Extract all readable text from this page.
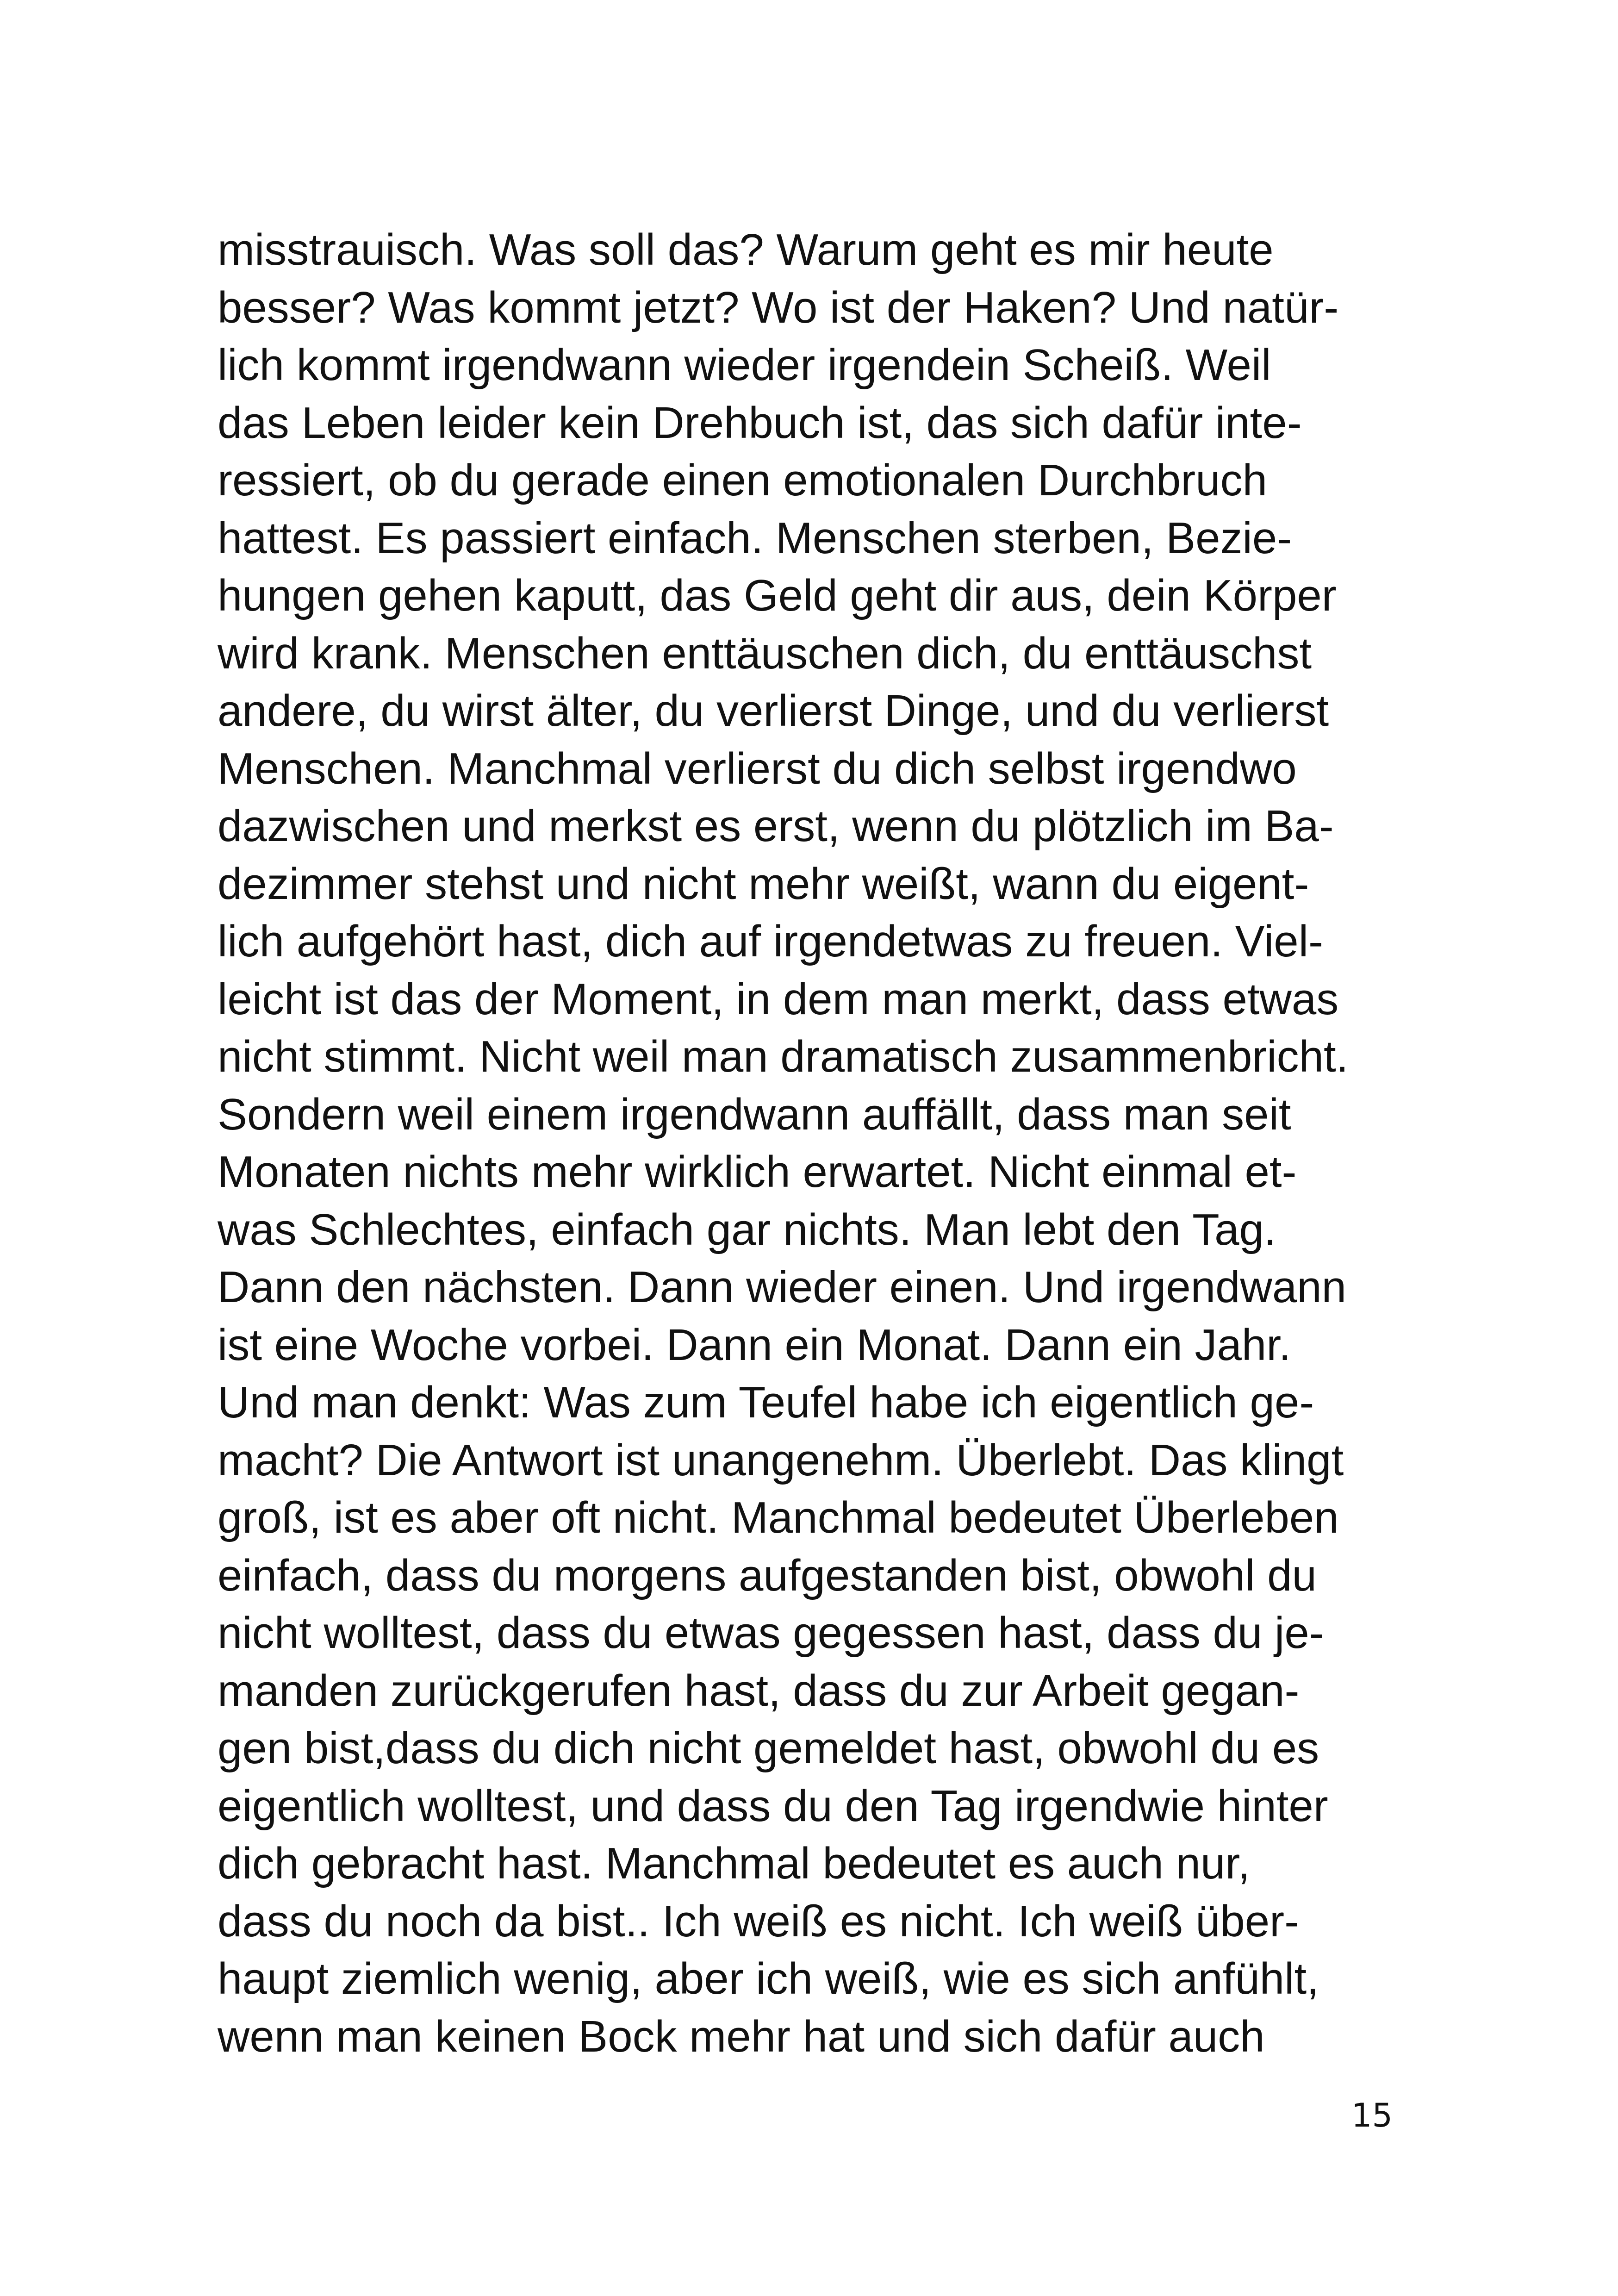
misstrauisch. Was soll das? Warum geht es mir heute
besser? Was kommt jetzt? Wo ist der Haken? Und natür-
lich kommt irgendwann wieder irgendein Scheiß. Weil
das Leben leider kein Drehbuch ist, das sich dafür inte-
ressiert, ob du gerade einen emotionalen Durchbruch
hattest. Es passiert einfach. Menschen sterben, Bezie-
hungen gehen kaputt, das Geld geht dir aus, dein Körper
wird krank. Menschen enttäuschen dich, du enttäuschst
andere, du wirst älter, du verlierst Dinge, und du verlierst
Menschen. Manchmal verlierst du dich selbst irgendwo
dazwischen und merkst es erst, wenn du plötzlich im Ba-
dezimmer stehst und nicht mehr weißt, wann du eigent-
lich aufgehört hast, dich auf irgendetwas zu freuen. Viel-
leicht ist das der Moment, in dem man merkt, dass etwas
nicht stimmt. Nicht weil man dramatisch zusammenbricht.
Sondern weil einem irgendwann auffällt, dass man seit
Monaten nichts mehr wirklich erwartet. Nicht einmal et-
was Schlechtes, einfach gar nichts. Man lebt den Tag.
Dann den nächsten. Dann wieder einen. Und irgendwann
ist eine Woche vorbei. Dann ein Monat. Dann ein Jahr.
Und man denkt: Was zum Teufel habe ich eigentlich ge-
macht? Die Antwort ist unangenehm. Überlebt. Das klingt
groß, ist es aber oft nicht. Manchmal bedeutet Überleben
einfach, dass du morgens aufgestanden bist, obwohl du
nicht wolltest, dass du etwas gegessen hast, dass du je-
manden zurückgerufen hast, dass du zur Arbeit gegan-
gen bist,dass du dich nicht gemeldet hast, obwohl du es
eigentlich wolltest, und dass du den Tag irgendwie hinter
dich gebracht hast. Manchmal bedeutet es auch nur,
dass du noch da bist.. Ich weiß es nicht. Ich weiß über-
haupt ziemlich wenig, aber ich weiß, wie es sich anfühlt,
wenn man keinen Bock mehr hat und sich dafür auch
15
